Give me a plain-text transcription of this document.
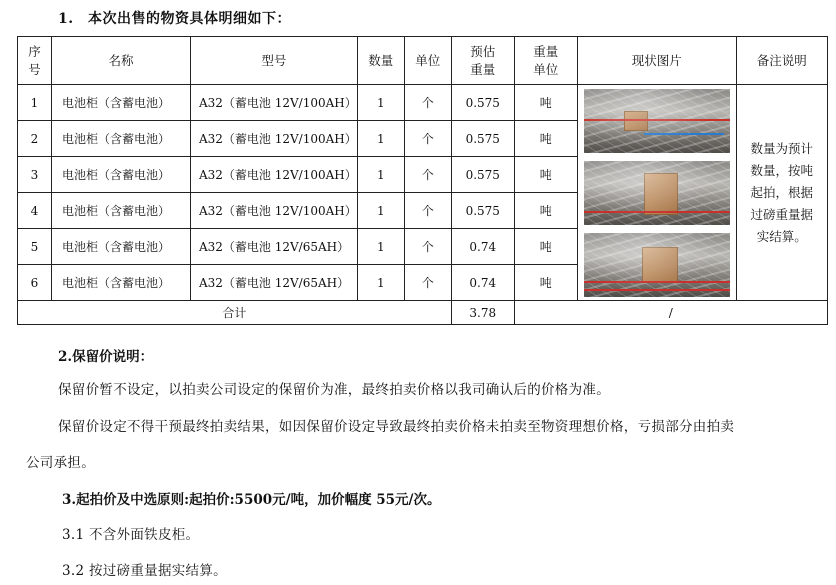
1. 本次出售的物资具体明细如下：
序号	名称	型号	数量	单位	预估重量	重量单位	现状图片	备注说明
1	电池柜（含蓄电池）	A32（蓄电池 12V/100AH）	1	个	0.575	吨		数量为预计数量，按吨起拍，根据过磅重量据实结算。
2	电池柜（含蓄电池）	A32（蓄电池 12V/100AH）	1	个	0.575	吨		
3	电池柜（含蓄电池）	A32（蓄电池 12V/100AH）	1	个	0.575	吨		
4	电池柜（含蓄电池）	A32（蓄电池 12V/100AH）	1	个	0.575	吨		
5	电池柜（含蓄电池）	A32（蓄电池 12V/65AH）	1	个	0.74	吨		
6	电池柜（含蓄电池）	A32（蓄电池 12V/65AH）	1	个	0.74	吨		
合计					3.78	/		
2.保留价说明：
保留价暂不设定，以拍卖公司设定的保留价为准，最终拍卖价格以我司确认后的价格为准。
保留价设定不得干预最终拍卖结果，如因保留价设定导致最终拍卖价格未拍卖至物资理想价格，亏损部分由拍卖
公司承担。
3.起拍价及中选原则:起拍价:5500元/吨，加价幅度 55元/次。
3.1 不含外面铁皮柜。
3.2 按过磅重量据实结算。
